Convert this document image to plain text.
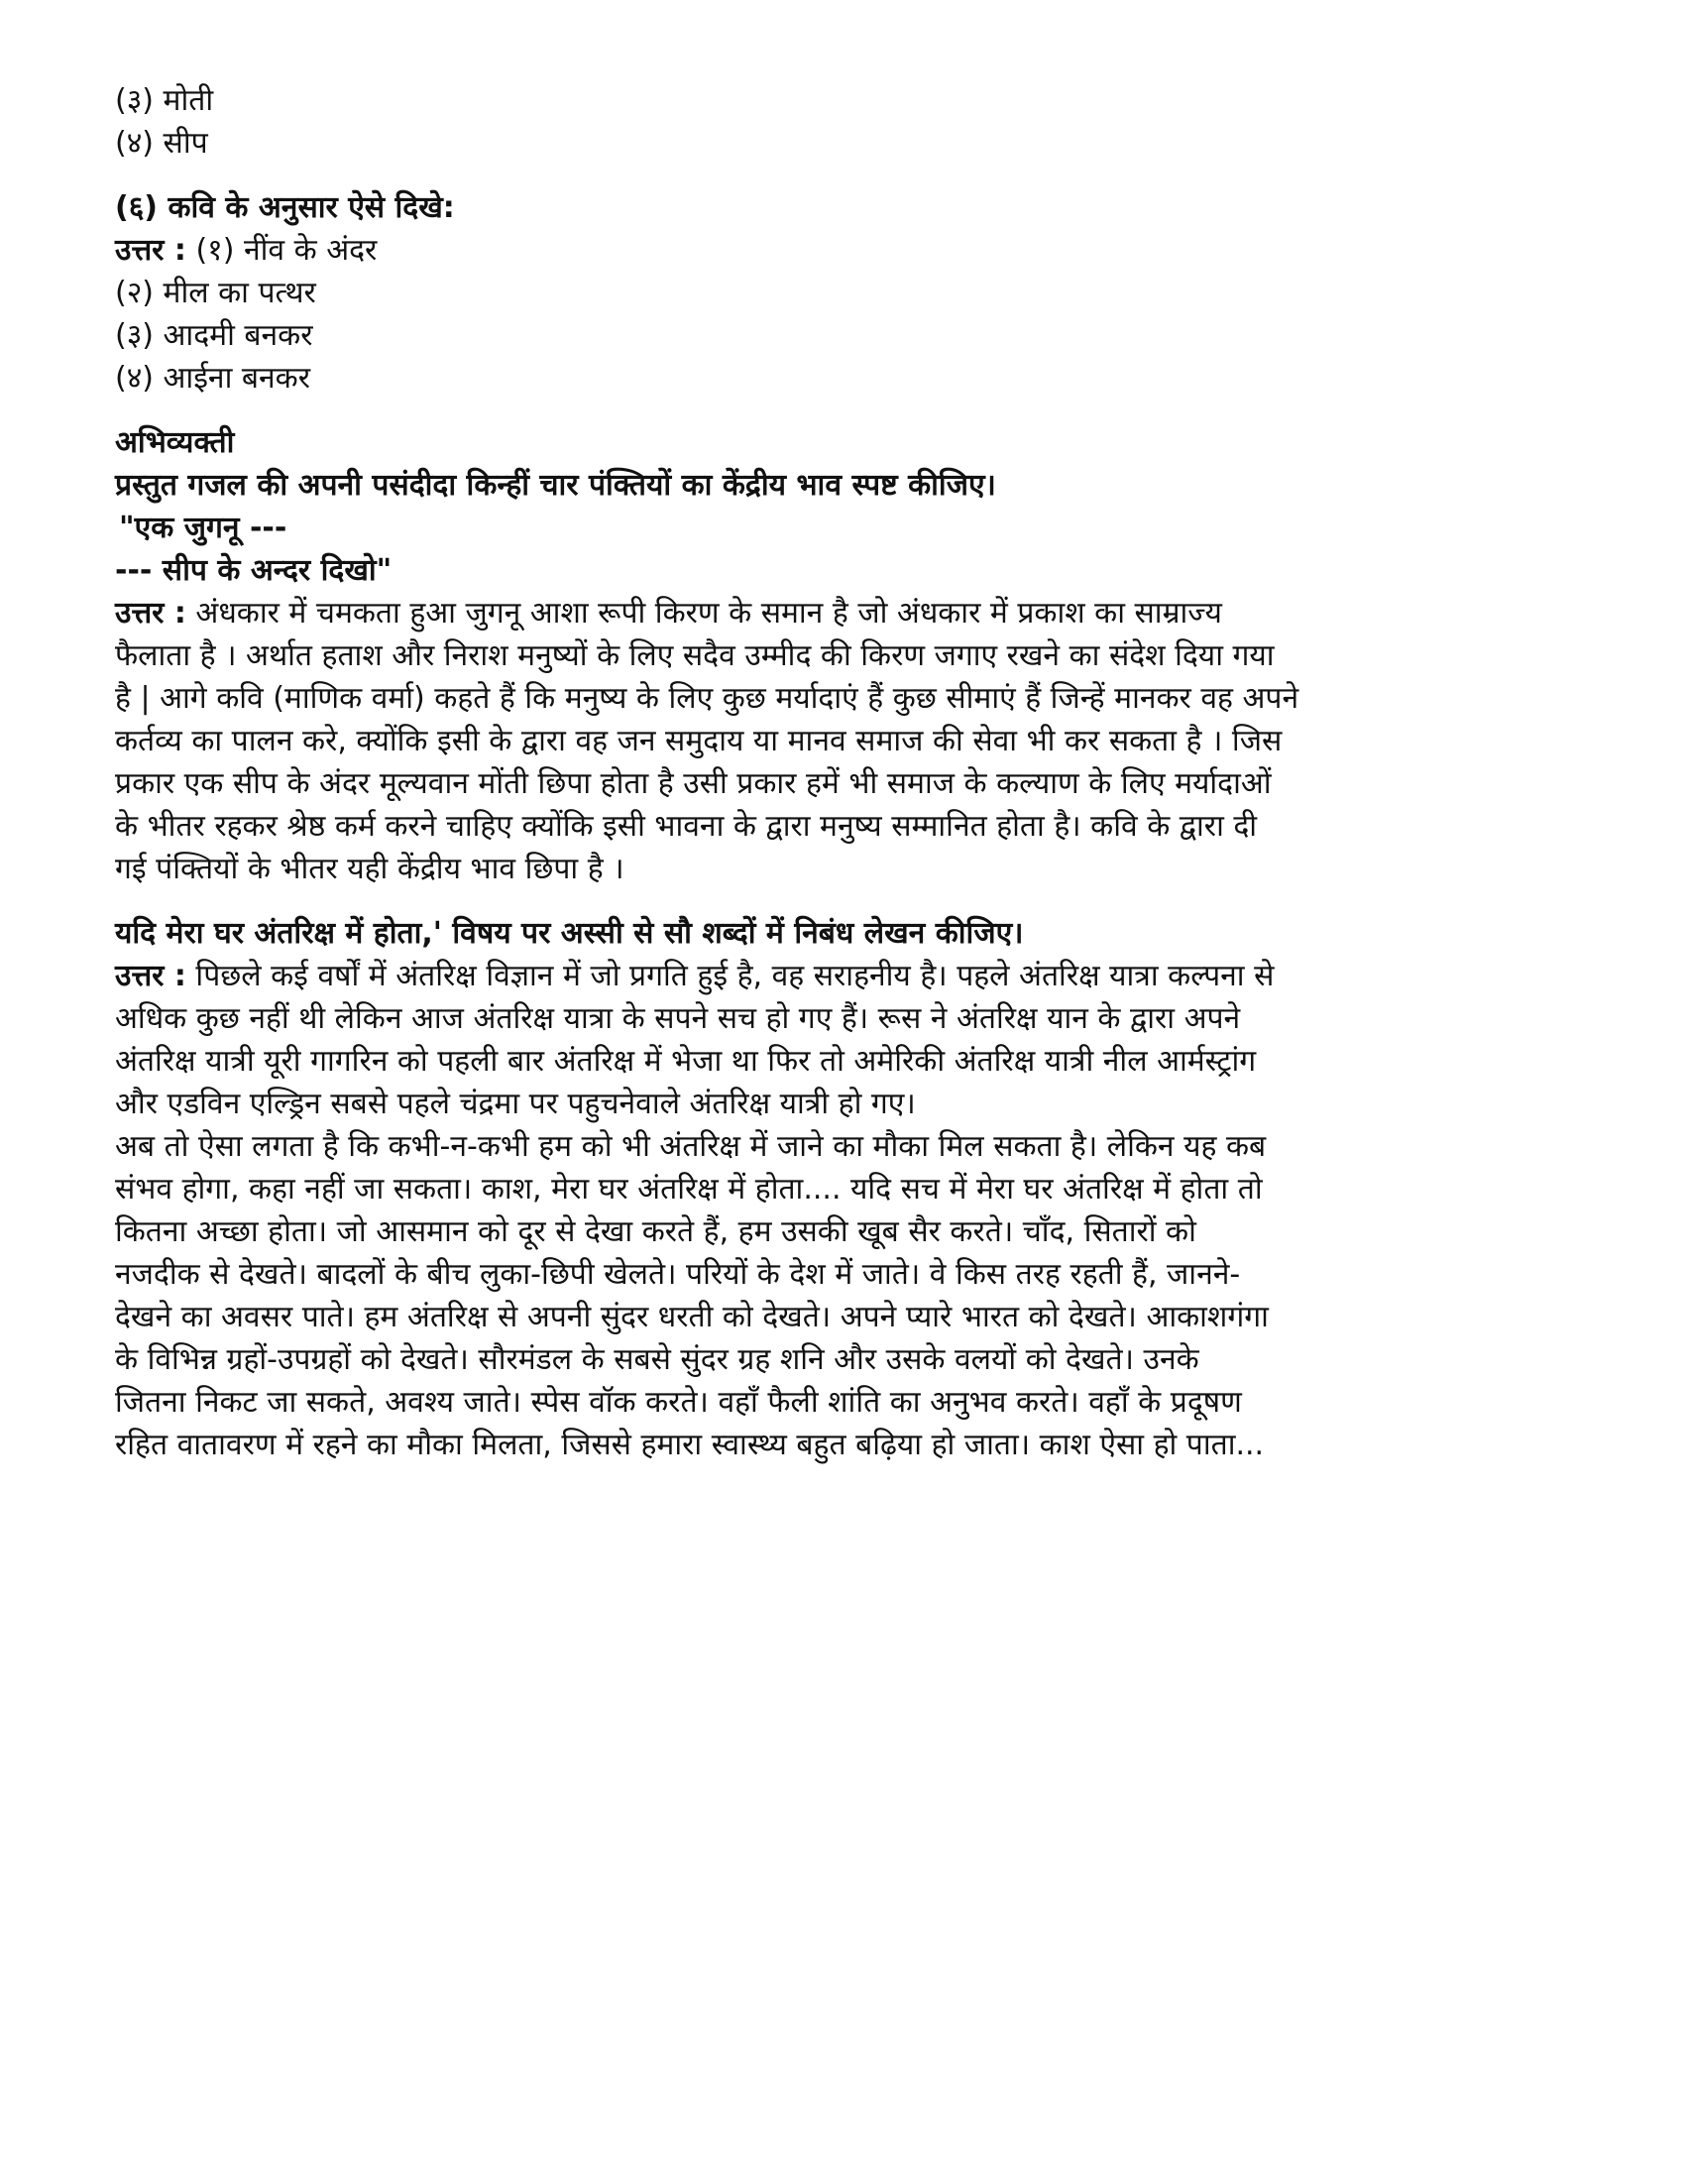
(३) मोती
(४) सीप
(६) कवि के अनुसार ऐसे दिखे:
उत्तर : (१) नींव के अंदर
(२) मील का पत्थर
(३) आदमी बनकर
(४) आईना बनकर
अभिव्यक्ती
प्रस्तुत गजल की अपनी पसंदीदा किन्हीं चार पंक्तियों का केंद्रीय भाव स्पष्ट कीजिए।
"एक जुगनू ---
--- सीप के अन्दर दिखो"
उत्तर : अंधकार में चमकता हुआ जुगनू आशा रूपी किरण के समान है जो अंधकार में प्रकाश का साम्राज्य
फैलाता है । अर्थात हताश और निराश मनुष्यों के लिए सदैव उम्मीद की किरण जगाए रखने का संदेश दिया गया
है | आगे कवि (माणिक वर्मा) कहते हैं कि मनुष्य के लिए कुछ मर्यादाएं हैं कुछ सीमाएं हैं जिन्हें मानकर वह अपने
कर्तव्य का पालन करे, क्योंकि इसी के द्वारा वह जन समुदाय या मानव समाज की सेवा भी कर सकता है । जिस
प्रकार एक सीप के अंदर मूल्यवान मोंती छिपा होता है उसी प्रकार हमें भी समाज के कल्याण के लिए मर्यादाओं
के भीतर रहकर श्रेष्ठ कर्म करने चाहिए क्योंकि इसी भावना के द्वारा मनुष्य सम्मानित होता है। कवि के द्वारा दी
गई पंक्तियों के भीतर यही केंद्रीय भाव छिपा है ।
यदि मेरा घर अंतरिक्ष में होता,' विषय पर अस्सी से सौ शब्दों में निबंध लेखन कीजिए।
उत्तर : पिछले कई वर्षों में अंतरिक्ष विज्ञान में जो प्रगति हुई है, वह सराहनीय है। पहले अंतरिक्ष यात्रा कल्पना से
अधिक कुछ नहीं थी लेकिन आज अंतरिक्ष यात्रा के सपने सच हो गए हैं। रूस ने अंतरिक्ष यान के द्वारा अपने
अंतरिक्ष यात्री यूरी गागरिन को पहली बार अंतरिक्ष में भेजा था फिर तो अमेरिकी अंतरिक्ष यात्री नील आर्मस्ट्रांग
और एडविन एल्ड्रिन सबसे पहले चंद्रमा पर पहुचनेवाले अंतरिक्ष यात्री हो गए।
अब तो ऐसा लगता है कि कभी-न-कभी हम को भी अंतरिक्ष में जाने का मौका मिल सकता है। लेकिन यह कब
संभव होगा, कहा नहीं जा सकता। काश, मेरा घर अंतरिक्ष में होता.... यदि सच में मेरा घर अंतरिक्ष में होता तो
कितना अच्छा होता। जो आसमान को दूर से देखा करते हैं, हम उसकी खूब सैर करते। चाँद, सितारों को
नजदीक से देखते। बादलों के बीच लुका-छिपी खेलते। परियों के देश में जाते। वे किस तरह रहती हैं, जानने-
देखने का अवसर पाते। हम अंतरिक्ष से अपनी सुंदर धरती को देखते। अपने प्यारे भारत को देखते। आकाशगंगा
के विभिन्न ग्रहों-उपग्रहों को देखते। सौरमंडल के सबसे सुंदर ग्रह शनि और उसके वलयों को देखते। उनके
जितना निकट जा सकते, अवश्य जाते। स्पेस वॉक करते। वहाँ फैली शांति का अनुभव करते। वहाँ के प्रदूषण
रहित वातावरण में रहने का मौका मिलता, जिससे हमारा स्वास्थ्य बहुत बढ़िया हो जाता। काश ऐसा हो पाता...
